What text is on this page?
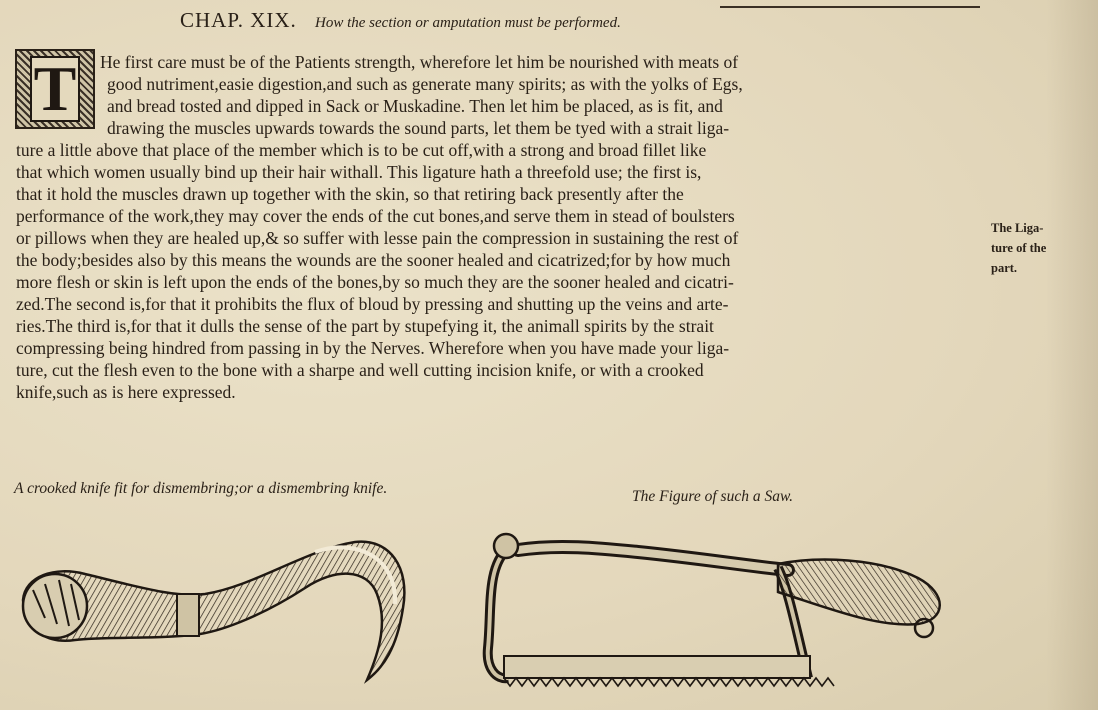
CHAP. XIX. How the section or amputation must be performed.
T He first care must be of the Patients strength, wherefore let him be nourished with meats of
good nutriment,easie digestion,and such as generate many spirits; as with the yolks of Egs,
and bread tosted and dipped in Sack or Muskadine. Then let him be placed, as is fit, and
drawing the muscles upwards towards the sound parts, let them be tyed with a strait liga-
ture a little above that place of the member which is to be cut off,with a strong and broad fillet like
that which women usually bind up their hair withall. This ligature hath a threefold use; the first is,
that it hold the muscles drawn up together with the skin, so that retiring back presently after the
performance of the work,they may cover the ends of the cut bones,and serve them in stead of boulsters
or pillows when they are healed up,& so suffer with lesse pain the compression in sustaining the rest of
the body;besides also by this means the wounds are the sooner healed and cicatrized;for by how much
more flesh or skin is left upon the ends of the bones,by so much they are the sooner healed and cicatri-
zed.The second is,for that it prohibits the flux of bloud by pressing and shutting up the veins and arte-
ries.The third is,for that it dulls the sense of the part by stupefying it, the animall spirits by the strait
compressing being hindred from passing in by the Nerves. Wherefore when you have made your liga-
ture, cut the flesh even to the bone with a sharpe and well cutting incision knife, or with a crooked
knife,such as is here expressed.
The Liga-
ture of the
part.
A crooked knife fit for dismembring;or a dismembring knife.	The Figure of such a Saw.
